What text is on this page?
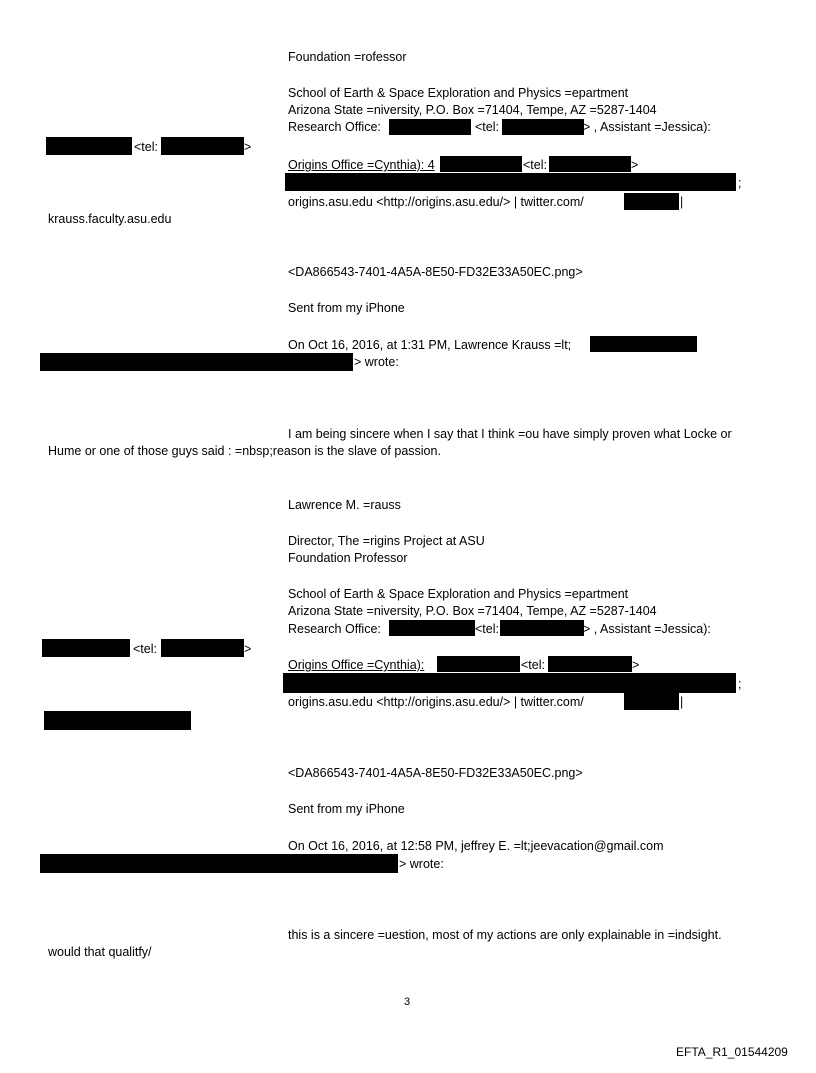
Foundation =rofessor
School of Earth & Space Exploration and Physics =epartment
Arizona State =niversity, P.O. Box =71404, Tempe, AZ =5287-1404
Research Office:	<tel:	> , Assistant =Jessica):
<tel:	>
Origins Office =Cynthia): 4	<tel:	>
;
origins.asu.edu <http://origins.asu.edu/> | twitter.com/	|
krauss.faculty.asu.edu
<DA866543-7401-4A5A-8E50-FD32E33A50EC.png>
Sent from my iPhone
On Oct 16, 2016, at 1:31 PM, Lawrence Krauss =lt;
> wrote:
I am being sincere when I say that I think =ou have simply proven what Locke or
Hume or one of those guys said : =nbsp;reason is the slave of passion.
Lawrence M. =rauss
Director, The =rigins Project at ASU
Foundation Professor
School of Earth & Space Exploration and Physics =epartment
Arizona State =niversity, P.O. Box =71404, Tempe, AZ =5287-1404
Research Office:	<tel:	> , Assistant =Jessica):
<tel:	>
Origins Office =Cynthia):	<tel:	>
;
origins.asu.edu <http://origins.asu.edu/> | twitter.com/	|
<DA866543-7401-4A5A-8E50-FD32E33A50EC.png>
Sent from my iPhone
On Oct 16, 2016, at 12:58 PM, jeffrey E. =lt;jeevacation@gmail.com
> wrote:
this is a sincere =uestion, most of my actions are only explainable in =indsight.
would that qualitfy/
3
EFTA_R1_01544209
